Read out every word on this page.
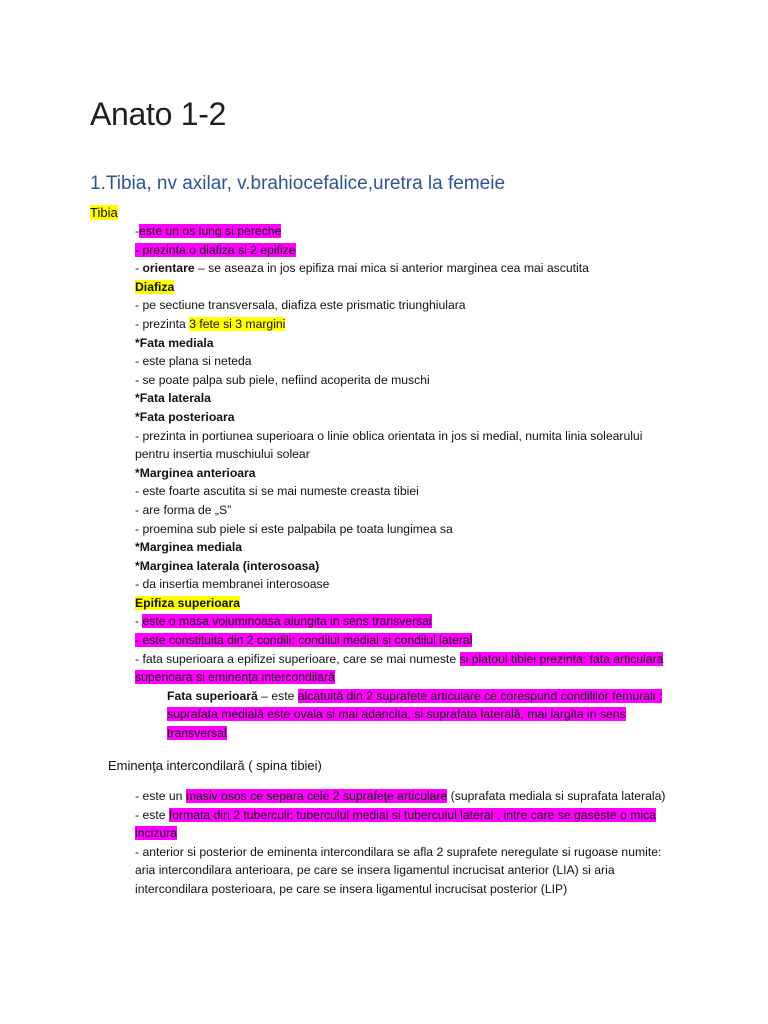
Anato 1-2
1.Tibia, nv axilar, v.brahiocefalice,uretra la femeie
Tibia
-este un os lung si pereche
- prezinta o diafiza si 2 epifize
- orientare – se aseaza in jos epifiza mai mica si anterior marginea cea mai ascutita
Diafiza
- pe sectiune transversala, diafiza este prismatic triunghiulara
- prezinta 3 fete si 3 margini
*Fata mediala
- este plana si neteda
- se poate palpa sub piele, nefiind acoperita de muschi
*Fata laterala
*Fata posterioara
- prezinta in portiunea superioara o linie oblica orientata in jos si medial, numita linia solearului pentru insertia muschiului solear
*Marginea anterioara
- este foarte ascutita si se mai numeste creasta tibiei
- are forma de „S”
- proemina sub piele si este palpabila pe toata lungimea sa
*Marginea mediala
*Marginea laterala (interosoasa)
- da insertia membranei interosoase
Epifiza superioara
- este o masa voluminoasa alungita in sens transversal
- este constituita din 2 condili: condilul medial si condilul lateral
- fata superioara a epifizei superioare, care se mai numeste si platoul tibiei prezinta: fata articulara superioara si eminenţa intercondilară
Fata superioară – este alcatuită din 2 suprafete articulare ce corespund condililor femurali ; suprafata medială este ovala si mai adancita, si suprafata laterală, mai largita in sens transversal
Eminenţa intercondilară ( spina tibiei)
- este un masiv osos ce separa cele 2 suprafeţe articulare (suprafata mediala si suprafata laterala)
- este formata din 2 tuberculi: tuberculul medial si tuberculul lateral , intre care se gaseste o mica incizura
- anterior si posterior de eminenta intercondilara se afla 2 suprafete neregulate si rugoase numite: aria intercondilara anterioara, pe care se insera ligamentul incrucisat anterior (LIA) si aria intercondilara posterioara, pe care se insera ligamentul incrucisat posterior (LIP)
